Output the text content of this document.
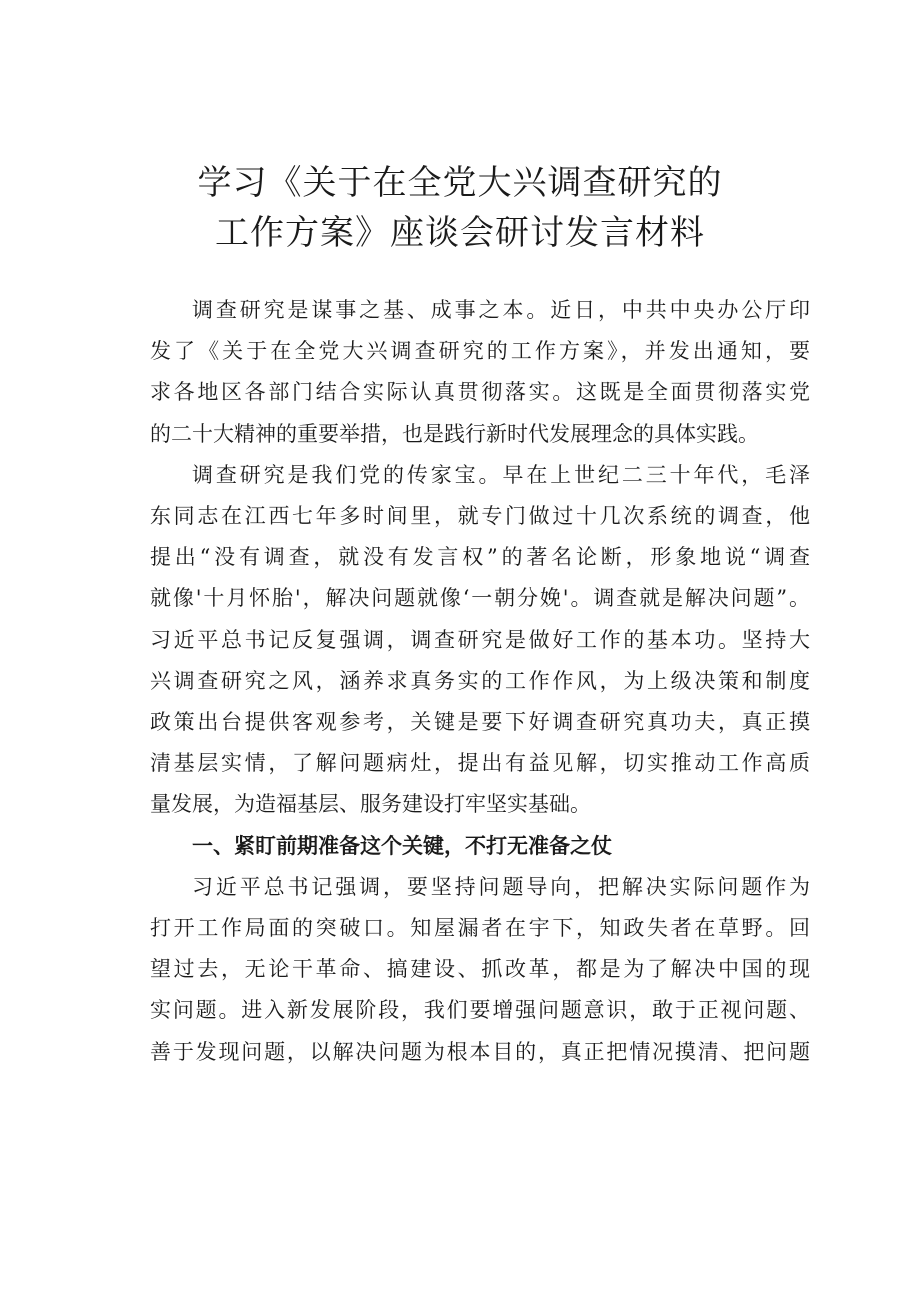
学习《关于在全党大兴调查研究的
工作方案》座谈会研讨发言材料
调查研究是谋事之基、成事之本。近日，中共中央办公厅印
发了《关于在全党大兴调查研究的工作方案》，并发出通知，要
求各地区各部门结合实际认真贯彻落实。这既是全面贯彻落实党
的二十大精神的重要举措，也是践行新时代发展理念的具体实践。
调查研究是我们党的传家宝。早在上世纪二三十年代，毛泽
东同志在江西七年多时间里，就专门做过十几次系统的调查，他
提出“没有调查，就没有发言权”的著名论断，形象地说“调查
就像'十月怀胎'，解决问题就像‘一朝分娩'。调查就是解决问题”。
习近平总书记反复强调，调查研究是做好工作的基本功。坚持大
兴调查研究之风，涵养求真务实的工作作风，为上级决策和制度
政策出台提供客观参考，关键是要下好调查研究真功夫，真正摸
清基层实情，了解问题病灶，提出有益见解，切实推动工作高质
量发展，为造福基层、服务建设打牢坚实基础。
一、紧盯前期准备这个关键，不打无准备之仗
习近平总书记强调，要坚持问题导向，把解决实际问题作为
打开工作局面的突破口。知屋漏者在宇下，知政失者在草野。回
望过去，无论干革命、搞建设、抓改革，都是为了解决中国的现
实问题。进入新发展阶段，我们要增强问题意识，敢于正视问题、
善于发现问题，以解决问题为根本目的，真正把情况摸清、把问题
